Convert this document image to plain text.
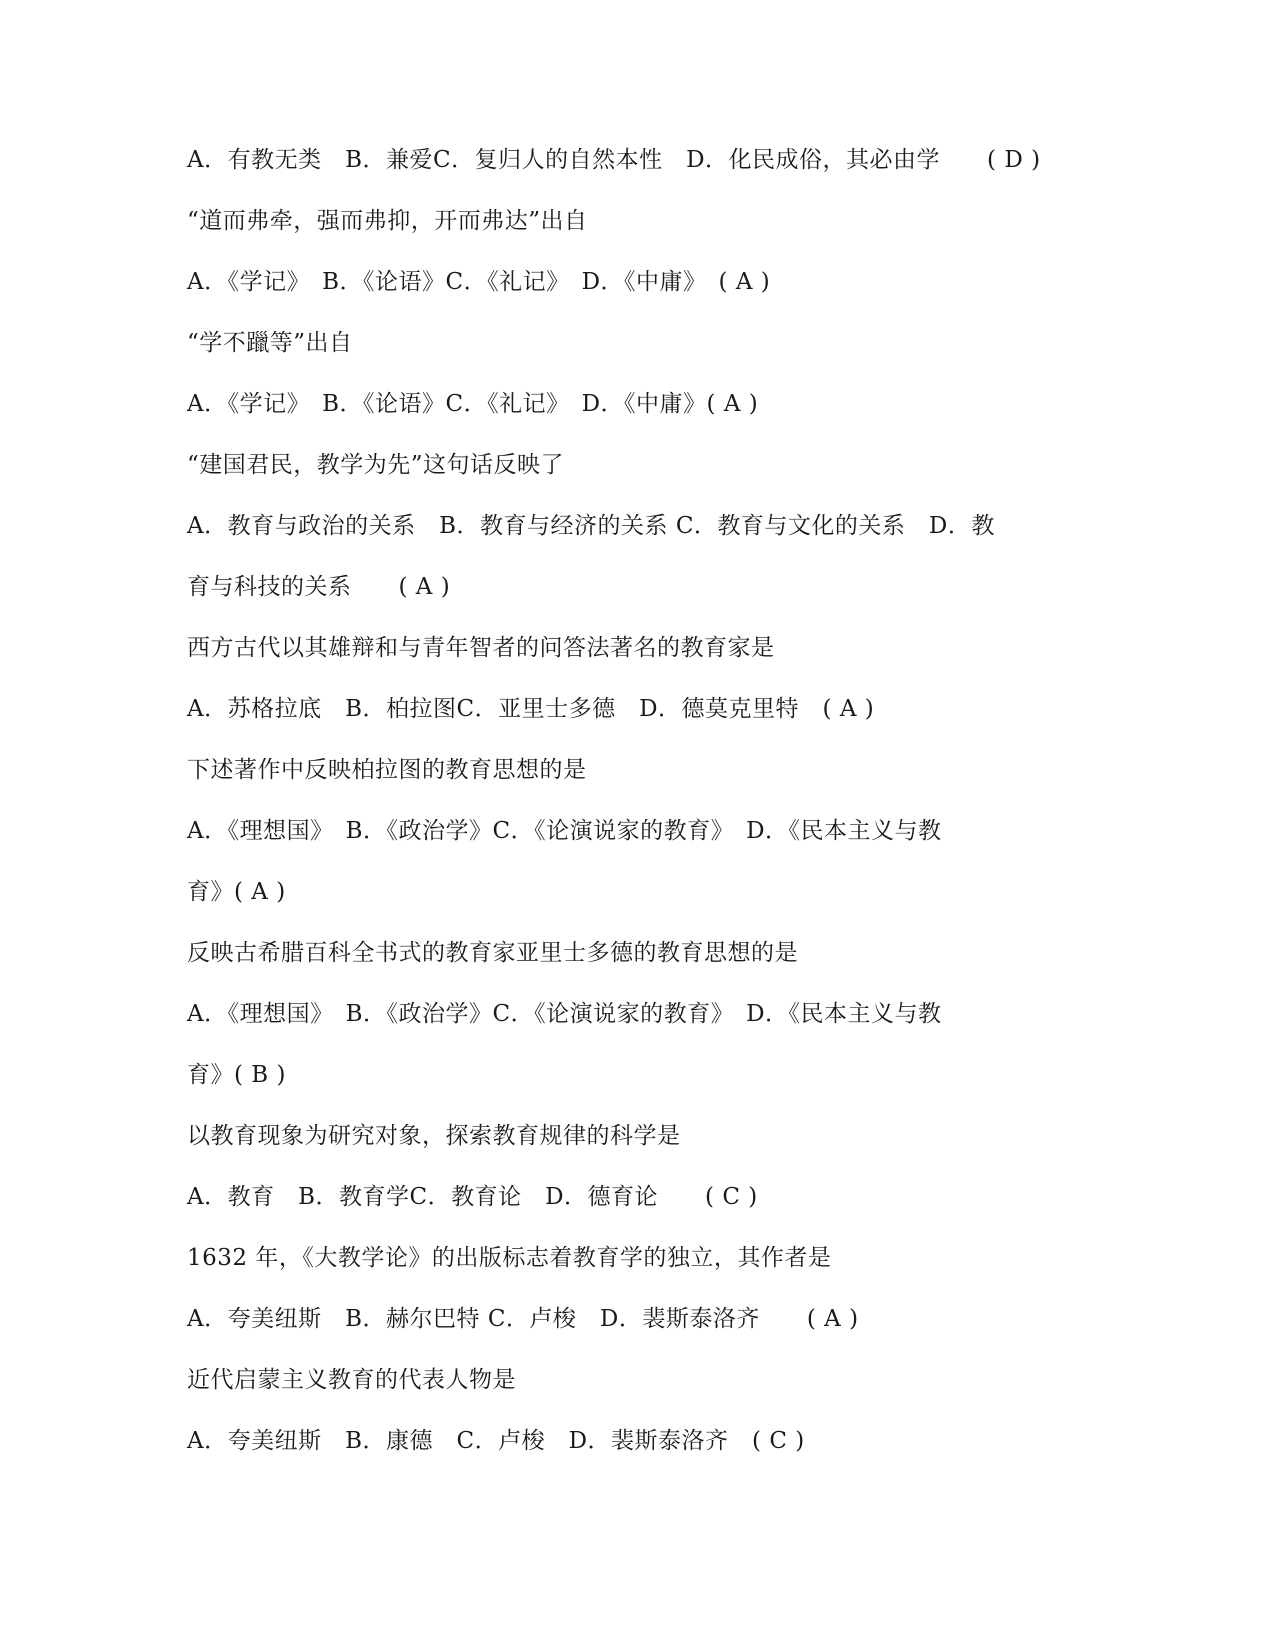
A．有教无类　B．兼爱C．复归人的自然本性　D．化民成俗，其必由学　　( D )
“道而弗牵，强而弗抑，开而弗达”出自
A．《学记》　B．《论语》C．《礼记》　D．《中庸》　( A )
“学不躐等”出自
A．《学记》　B．《论语》C．《礼记》　D．《中庸》( A )
“建国君民，教学为先”这句话反映了
A．教育与政治的关系　B．教育与经济的关系 C．教育与文化的关系　D．教
育与科技的关系　　( A )
西方古代以其雄辩和与青年智者的问答法著名的教育家是
A．苏格拉底　B．柏拉图C．亚里士多德　D．德莫克里特　( A )
下述著作中反映柏拉图的教育思想的是
A．《理想国》　B．《政治学》C．《论演说家的教育》　D．《民本主义与教
育》( A )
反映古希腊百科全书式的教育家亚里士多德的教育思想的是
A．《理想国》　B．《政治学》C．《论演说家的教育》　D．《民本主义与教
育》( B )
以教育现象为研究对象，探索教育规律的科学是
A．教育　B．教育学C．教育论　D．德育论　　( C )
1632 年，《大教学论》的出版标志着教育学的独立，其作者是
A．夸美纽斯　B．赫尔巴特 C．卢梭　D．裴斯泰洛齐　　( A )
近代启蒙主义教育的代表人物是
A．夸美纽斯　B．康德　C．卢梭　D．裴斯泰洛齐　( C )
